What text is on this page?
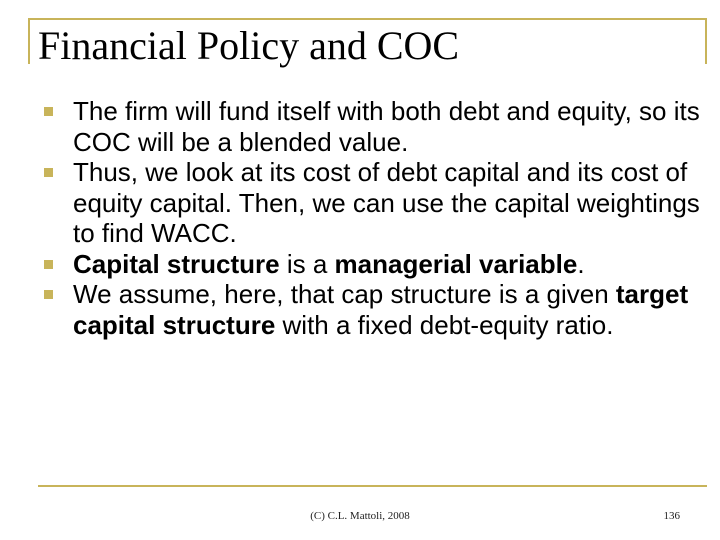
Financial Policy and COC
The firm will fund itself with both debt and equity, so its COC will be a blended value.
Thus, we look at its cost of debt capital and its cost of equity capital. Then, we can use the capital weightings to find WACC.
Capital structure is a managerial variable.
We assume, here, that cap structure is a given target capital structure with a fixed debt-equity ratio.
(C) C.L. Mattoli, 2008	136
